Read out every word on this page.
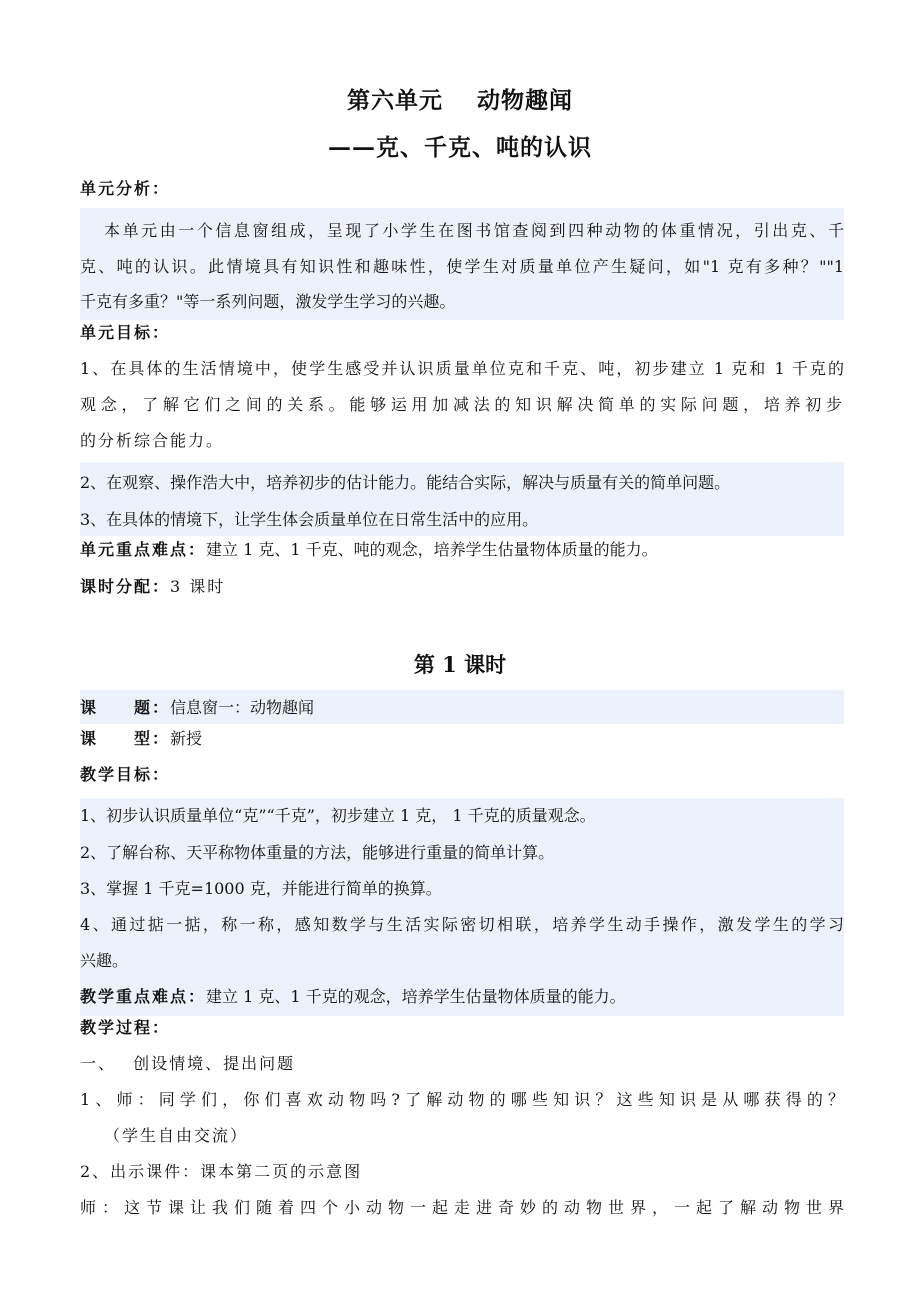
第六单元 动物趣闻
——克、千克、吨的认识
单元分析：
本单元由一个信息窗组成，呈现了小学生在图书馆查阅到四种动物的体重情况，引出克、千
克、吨的认识。此情境具有知识性和趣味性，使学生对质量单位产生疑问，如"1 克有多种？""1
千克有多重？"等一系列问题，激发学生学习的兴趣。
单元目标：
1、在具体的生活情境中，使学生感受并认识质量单位克和千克、吨，初步建立 1 克和 1 千克的
观念，了解它们之间的关系。能够运用加减法的知识解决简单的实际问题，培养初步
的分析综合能力。
2、在观察、操作浩大中，培养初步的估计能力。能结合实际，解决与质量有关的简单问题。
3、在具体的情境下，让学生体会质量单位在日常生活中的应用。
单元重点难点：建立 1 克、1 千克、吨的观念，培养学生估量物体质量的能力。
课时分配：3 课时
第 1 课时
课　　题：信息窗一：动物趣闻
课　　型：新授
教学目标：
1、初步认识质量单位“克”“千克”，初步建立 1 克， 1 千克的质量观念。
2、了解台称、天平称物体重量的方法，能够进行重量的简单计算。
3、掌握 1 千克=1000 克，并能进行简单的换算。
4、通过掂一掂，称一称，感知数学与生活实际密切相联，培养学生动手操作，激发学生的学习
兴趣。
教学重点难点：建立 1 克、1 千克的观念，培养学生估量物体质量的能力。
教学过程：
一、　 创设情境、提出问题
1、师：同学们，你们喜欢动物吗?了解动物的哪些知识？这些知识是从哪获得的？
（学生自由交流）
2、出示课件：课本第二页的示意图
师：这节课让我们随着四个小动物一起走进奇妙的动物世界，一起了解动物世界
